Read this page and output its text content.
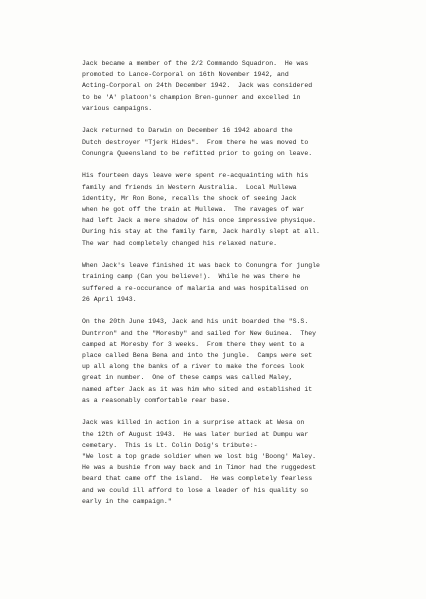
Jack became a member of the 2/2 Commando Squadron.  He was
promoted to Lance-Corporal on 16th November 1942, and
Acting-Corporal on 24th December 1942.  Jack was considered
to be 'A' platoon's champion Bren-gunner and excelled in
various campaigns.
Jack returned to Darwin on December 16 1942 aboard the
Dutch destroyer "Tjerk Hides".  From there he was moved to
Conungra Queensland to be refitted prior to going on leave.
His fourteen days leave were spent re-acquainting with his
family and friends in Western Australia.  Local Mullewa
identity, Mr Ron Bone, recalls the shock of seeing Jack
when he got off the train at Mullewa.  The ravages of war
had left Jack a mere shadow of his once impressive physique.
During his stay at the family farm, Jack hardly slept at all.
The war had completely changed his relaxed nature.
When Jack's leave finished it was back to Conungra for jungle
training camp (Can you believe!).  While he was there he
suffered a re-occurance of malaria and was hospitalised on
26 April 1943.
On the 20th June 1943, Jack and his unit boarded the "S.S.
Duntrron" and the "Moresby" and sailed for New Guinea.  They
camped at Moresby for 3 weeks.  From there they went to a
place called Bena Bena and into the jungle.  Camps were set
up all along the banks of a river to make the forces look
great in number.  One of these camps was called Maley,
named after Jack as it was him who sited and established it
as a reasonably comfortable rear base.
Jack was killed in action in a surprise attack at Wesa on
the 12th of August 1943.  He was later buried at Dumpu war
cemetary.  This is Lt. Colin Doig's tribute:-
"We lost a top grade soldier when we lost big 'Boong' Maley.
He was a bushie from way back and in Timor had the ruggedest
beard that came off the island.  He was completely fearless
and we could ill afford to lose a leader of his quality so
early in the campaign."
